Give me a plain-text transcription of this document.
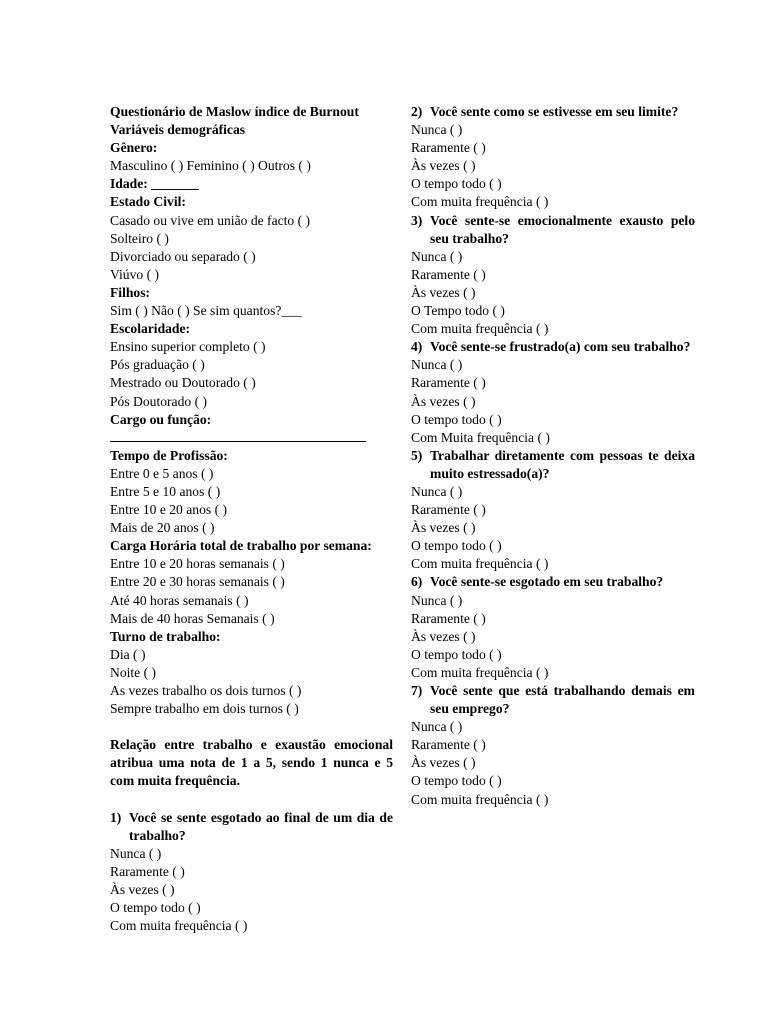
Questionário de Maslow índice de Burnout
Variáveis demográficas
Gênero:
Masculino ( ) Feminino ( ) Outros ( )
Idade: _______
Estado Civil:
Casado ou vive em união de facto ( )
Solteiro ( )
Divorciado ou separado ( )
Viúvo ( )
Filhos:
Sim ( ) Não ( ) Se sim quantos?___
Escolaridade:
Ensino superior completo ( )
Pós graduação ( )
Mestrado ou Doutorado ( )
Pós Doutorado ( )
Cargo ou função:
Tempo de Profissão:
Entre 0 e 5 anos ( )
Entre 5 e 10 anos ( )
Entre 10 e 20 anos ( )
Mais de 20 anos ( )
Carga Horária total de trabalho por semana:
Entre 10 e 20 horas semanais ( )
Entre 20 e 30 horas semanais ( )
Até 40 horas semanais ( )
Mais de 40 horas Semanais ( )
Turno de trabalho:
Dia ( )
Noite ( )
As vezes trabalho os dois turnos ( )
Sempre trabalho em dois turnos ( )
Relação entre trabalho e exaustão emocional atribua uma nota de 1 a 5, sendo 1 nunca e 5 com muita frequência.
1) Você se sente esgotado ao final de um dia de trabalho?
Nunca ( )
Raramente ( )
Às vezes ( )
O tempo todo ( )
Com muita frequência ( )
2) Você sente como se estivesse em seu limite?
Nunca ( )
Raramente ( )
Às vezes ( )
O tempo todo ( )
Com muita frequência ( )
3) Você sente-se emocionalmente exausto pelo seu trabalho?
Nunca ( )
Raramente ( )
Às vezes ( )
O Tempo todo ( )
Com muita frequência ( )
4) Você sente-se frustrado(a) com seu trabalho?
Nunca ( )
Raramente ( )
Às vezes ( )
O tempo todo ( )
Com Muita frequência ( )
5) Trabalhar diretamente com pessoas te deixa muito estressado(a)?
Nunca ( )
Raramente ( )
Às vezes ( )
O tempo todo ( )
Com muita frequência ( )
6) Você sente-se esgotado em seu trabalho?
Nunca ( )
Raramente ( )
Às vezes ( )
O tempo todo ( )
Com muita frequência ( )
7) Você sente que está trabalhando demais em seu emprego?
Nunca ( )
Raramente ( )
Às vezes ( )
O tempo todo ( )
Com muita frequência ( )
